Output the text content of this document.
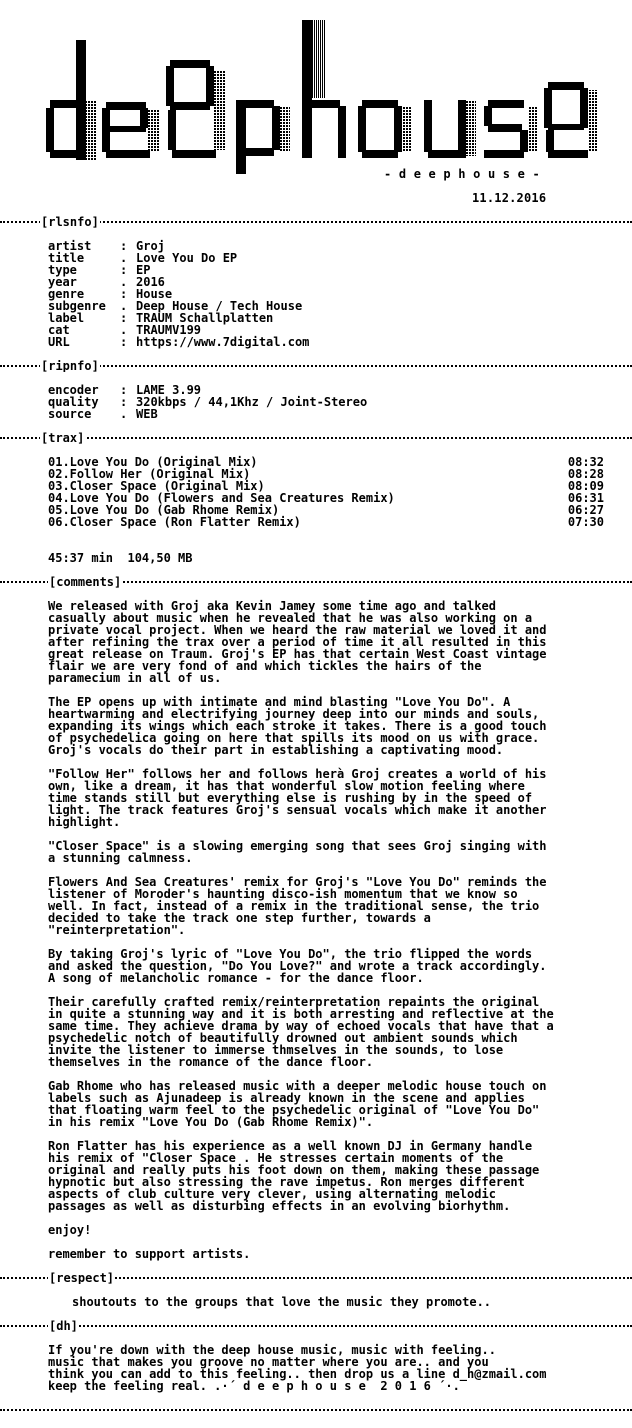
- d e e p h o u s e -
11.12.2016

[rlsnfo]

artist : Groj
title	. Love You Do EP
type	: EP
year	. 2016
genre	: House
subgenre . Deep House / Tech House
label	: TRAUM Schallplatten
cat	. TRAUMV199
URL	: https://www.7digital.com

[ripnfo]

encoder : LAME 3.99
quality : 320kbps / 44,1Khz / Joint-Stereo
source . WEB

[trax]

01.Love You Do (Original Mix)	08:32
02.Follow Her (Original Mix)	08:28
03.Closer Space (Original Mix)	08:09
04.Love You Do (Flowers and Sea Creatures Remix)	06:31
05.Love You Do (Gab Rhome Remix)	06:27
06.Closer Space (Ron Flatter Remix)	07:30
45:37 min  104,50 MB

[comments]

We released with Groj aka Kevin Jamey some time ago and talked
casually about music when he revealed that he was also working on a
private vocal project. When we heard the raw material we loved it and
after refining the trax over a period of time it all resulted in this
great release on Traum. Groj's EP has that certain West Coast vintage
flair we are very fond of and which tickles the hairs of the
paramecium in all of us.
The EP opens up with intimate and mind blasting "Love You Do". A
heartwarming and electrifying journey deep into our minds and souls,
expanding its wings which each stroke it takes. There is a good touch
of psychedelica going on here that spills its mood on us with grace.
Groj's vocals do their part in establishing a captivating mood.
"Follow Her" follows her and follows herà Groj creates a world of his
own, like a dream, it has that wonderful slow motion feeling where
time stands still but everything else is rushing by in the speed of
light. The track features Groj's sensual vocals which make it another
highlight.
"Closer Space" is a slowing emerging song that sees Groj singing with
a stunning calmness.
Flowers And Sea Creatures' remix for Groj's "Love You Do" reminds the
listener of Moroder's haunting disco-ish momentum that we know so
well. In fact, instead of a remix in the traditional sense, the trio
decided to take the track one step further, towards a
"reinterpretation".
By taking Groj's lyric of "Love You Do", the trio flipped the words
and asked the question, "Do You Love?" and wrote a track accordingly.
A song of melancholic romance - for the dance floor.
Their carefully crafted remix/reinterpretation repaints the original
in quite a stunning way and it is both arresting and reflective at the
same time. They achieve drama by way of echoed vocals that have that a
psychedelic notch of beautifully drowned out ambient sounds which
invite the listener to immerse thmselves in the sounds, to lose
themselves in the romance of the dance floor.
Gab Rhome who has released music with a deeper melodic house touch on
labels such as Ajunadeep is already known in the scene and applies
that floating warm feel to the psychedelic original of "Love You Do"
in his remix "Love You Do (Gab Rhome Remix)".
Ron Flatter has his experience as a well known DJ in Germany handle
his remix of "Closer Space . He stresses certain moments of the
original and really puts his foot down on them, making these passage
hypnotic but also stressing the rave impetus. Ron merges different
aspects of club culture very clever, using alternating melodic
passages as well as disturbing effects in an evolving biorhythm.
enjoy!
remember to support artists.

[respect]

shoutouts to the groups that love the music they promote..

[dh]

If you're down with the deep house music, music with feeling..
music that makes you groove no matter where you are.. and you
think you can add to this feeling.. then drop us a line d_h@zmail.com
keep the feeling real. .·´ d e e p h o u s e  2 0 1 6 ´·.
